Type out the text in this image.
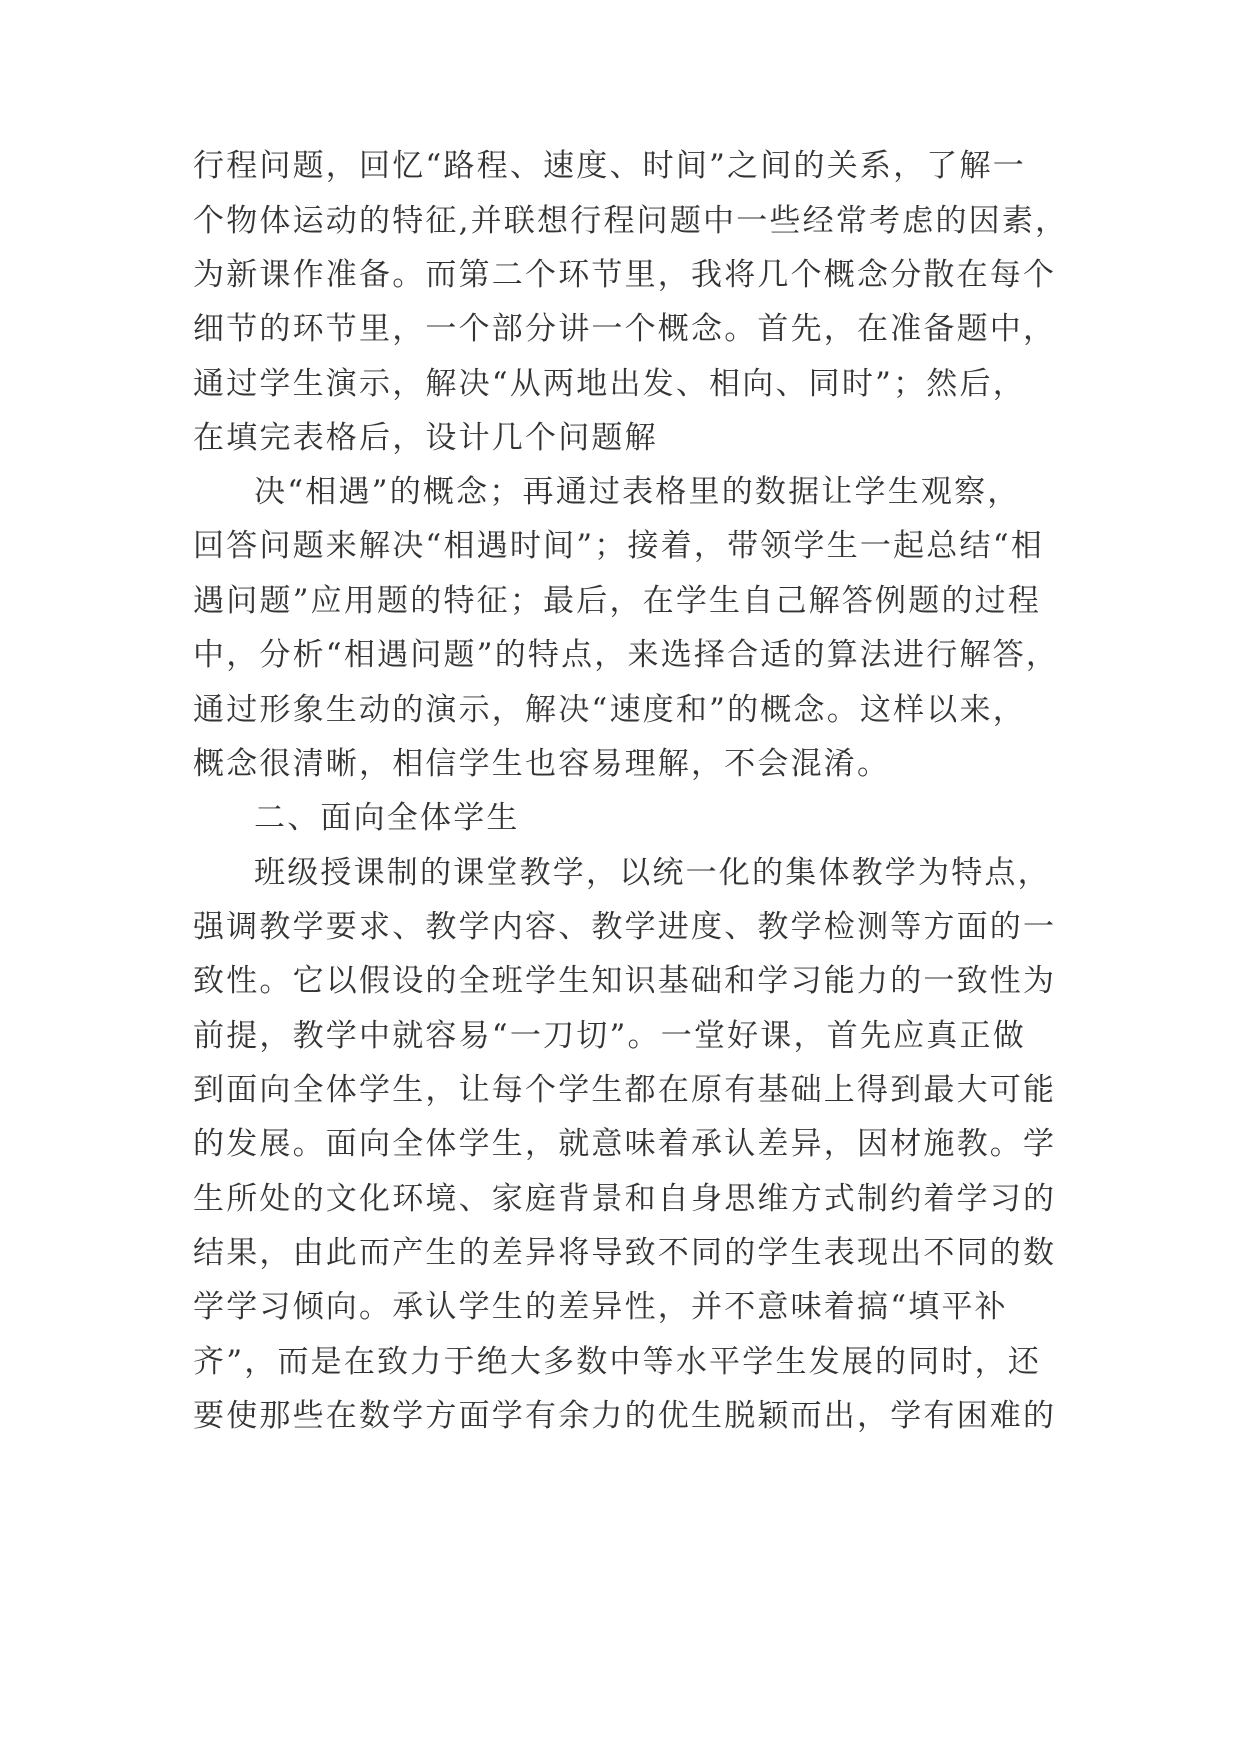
行程问题，回忆“路程、速度、时间”之间的关系，了解一
个物体运动的特征,并联想行程问题中一些经常考虑的因素，
为新课作准备。而第二个环节里，我将几个概念分散在每个
细节的环节里，一个部分讲一个概念。首先，在准备题中，
通过学生演示，解决“从两地出发、相向、同时”；然后，
在填完表格后，设计几个问题解
决“相遇”的概念；再通过表格里的数据让学生观察，
回答问题来解决“相遇时间”；接着，带领学生一起总结“相
遇问题”应用题的特征；最后，在学生自己解答例题的过程
中，分析“相遇问题”的特点，来选择合适的算法进行解答，
通过形象生动的演示，解决“速度和”的概念。这样以来，
概念很清晰，相信学生也容易理解，不会混淆。
二、面向全体学生
班级授课制的课堂教学，以统一化的集体教学为特点，
强调教学要求、教学内容、教学进度、教学检测等方面的一
致性。它以假设的全班学生知识基础和学习能力的一致性为
前提，教学中就容易“一刀切”。一堂好课，首先应真正做
到面向全体学生，让每个学生都在原有基础上得到最大可能
的发展。面向全体学生，就意味着承认差异，因材施教。学
生所处的文化环境、家庭背景和自身思维方式制约着学习的
结果，由此而产生的差异将导致不同的学生表现出不同的数
学学习倾向。承认学生的差异性，并不意味着搞“填平补
齐”，而是在致力于绝大多数中等水平学生发展的同时，还
要使那些在数学方面学有余力的优生脱颖而出，学有困难的
